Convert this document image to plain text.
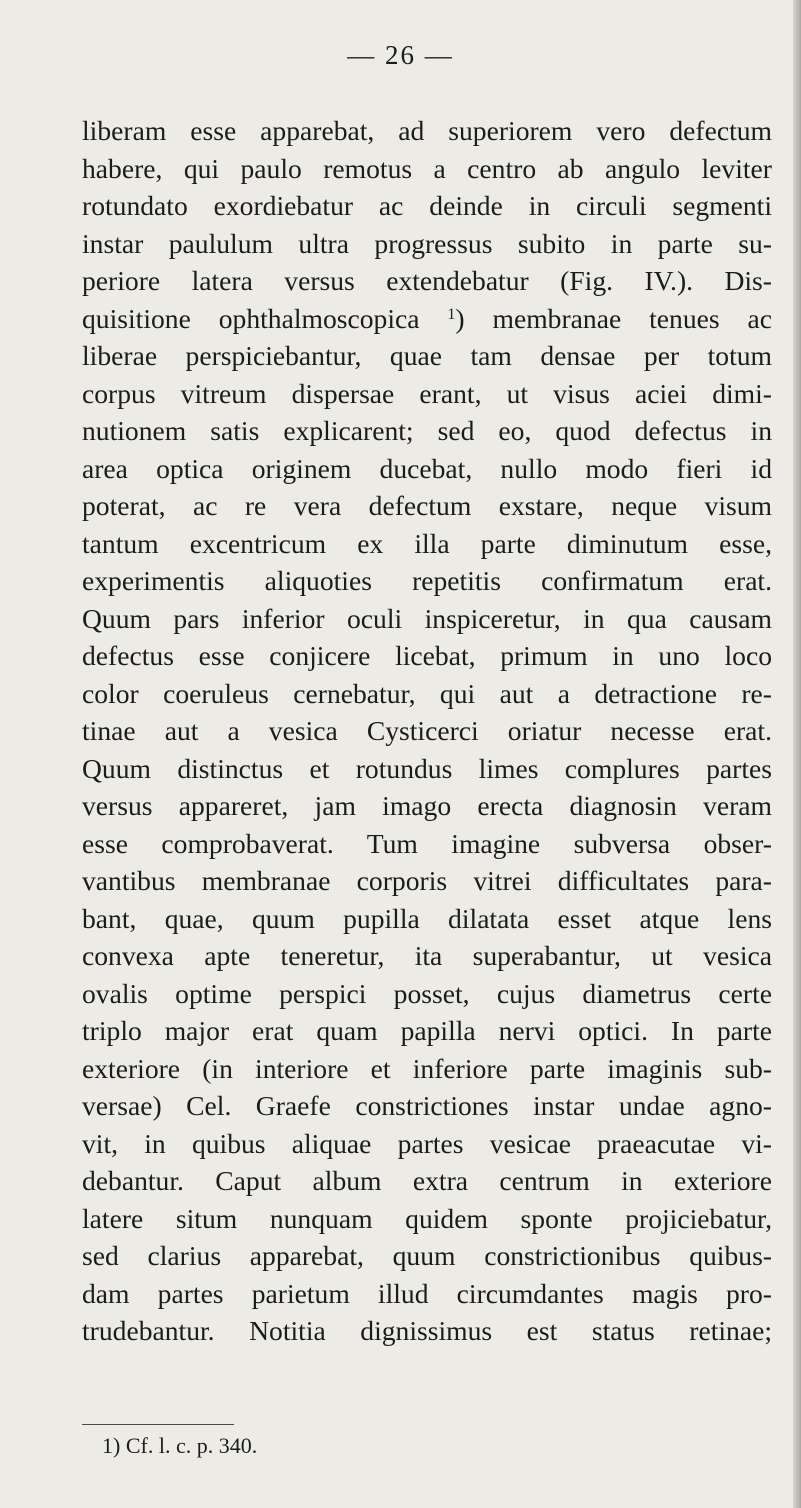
— 26 —
liberam esse apparebat, ad superiorem vero defectum
habere, qui paulo remotus a centro ab angulo leviter
rotundato exordiebatur ac deinde in circuli segmenti
instar paululum ultra progressus subito in parte su-
periore latera versus extendebatur (Fig. IV.). Dis-
quisitione ophthalmoscopica $^1$) membranae tenues ac
liberae perspiciebantur, quae tam densae per totum
corpus vitreum dispersae erant, ut visus aciei dimi-
nutionem satis explicarent; sed eo, quod defectus in
area optica originem ducebat, nullo modo fieri id
poterat, ac re vera defectum exstare, neque visum
tantum excentricum ex illa parte diminutum esse,
experimentis aliquoties repetitis confirmatum erat.
Quum pars inferior oculi inspiceretur, in qua causam
defectus esse conjicere licebat, primum in uno loco
color coeruleus cernebatur, qui aut a detractione re-
tinae aut a vesica Cysticerci oriatur necesse erat.
Quum distinctus et rotundus limes complures partes
versus appareret, jam imago erecta diagnosin veram
esse comprobaverat. Tum imagine subversa obser-
vantibus membranae corporis vitrei difficultates para-
bant, quae, quum pupilla dilatata esset atque lens
convexa apte teneretur, ita superabantur, ut vesica
ovalis optime perspici posset, cujus diametrus certe
triplo major erat quam papilla nervi optici. In parte
exteriore (in interiore et inferiore parte imaginis sub-
versae) Cel. Graefe constrictiones instar undae agno-
vit, in quibus aliquae partes vesicae praeacutae vi-
debantur. Caput album extra centrum in exteriore
latere situm nunquam quidem sponte projiciebatur,
sed clarius apparebat, quum constrictionibus quibus-
dam partes parietum illud circumdantes magis pro-
trudebantur. Notitia dignissimus est status retinae;
1) Cf. l. c. p. 340.
